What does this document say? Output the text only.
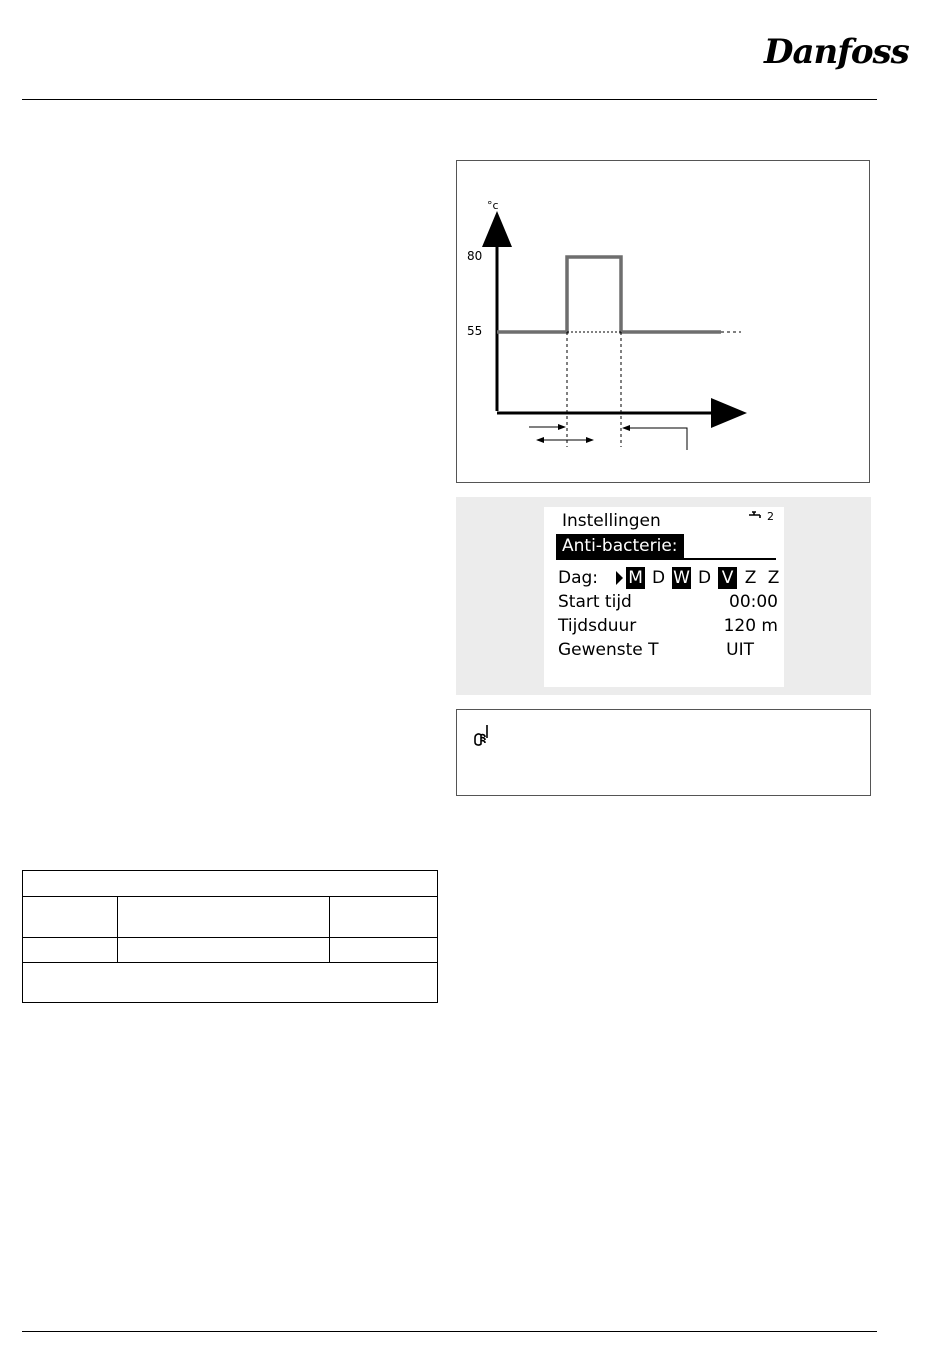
Danfoss
°c
80
55
Instellingen	2
Anti-bacterie:
Dag: M D W D V Z Z
Start tijd	00:00
Tijdsduur	120 m
Gewenste T	UIT
